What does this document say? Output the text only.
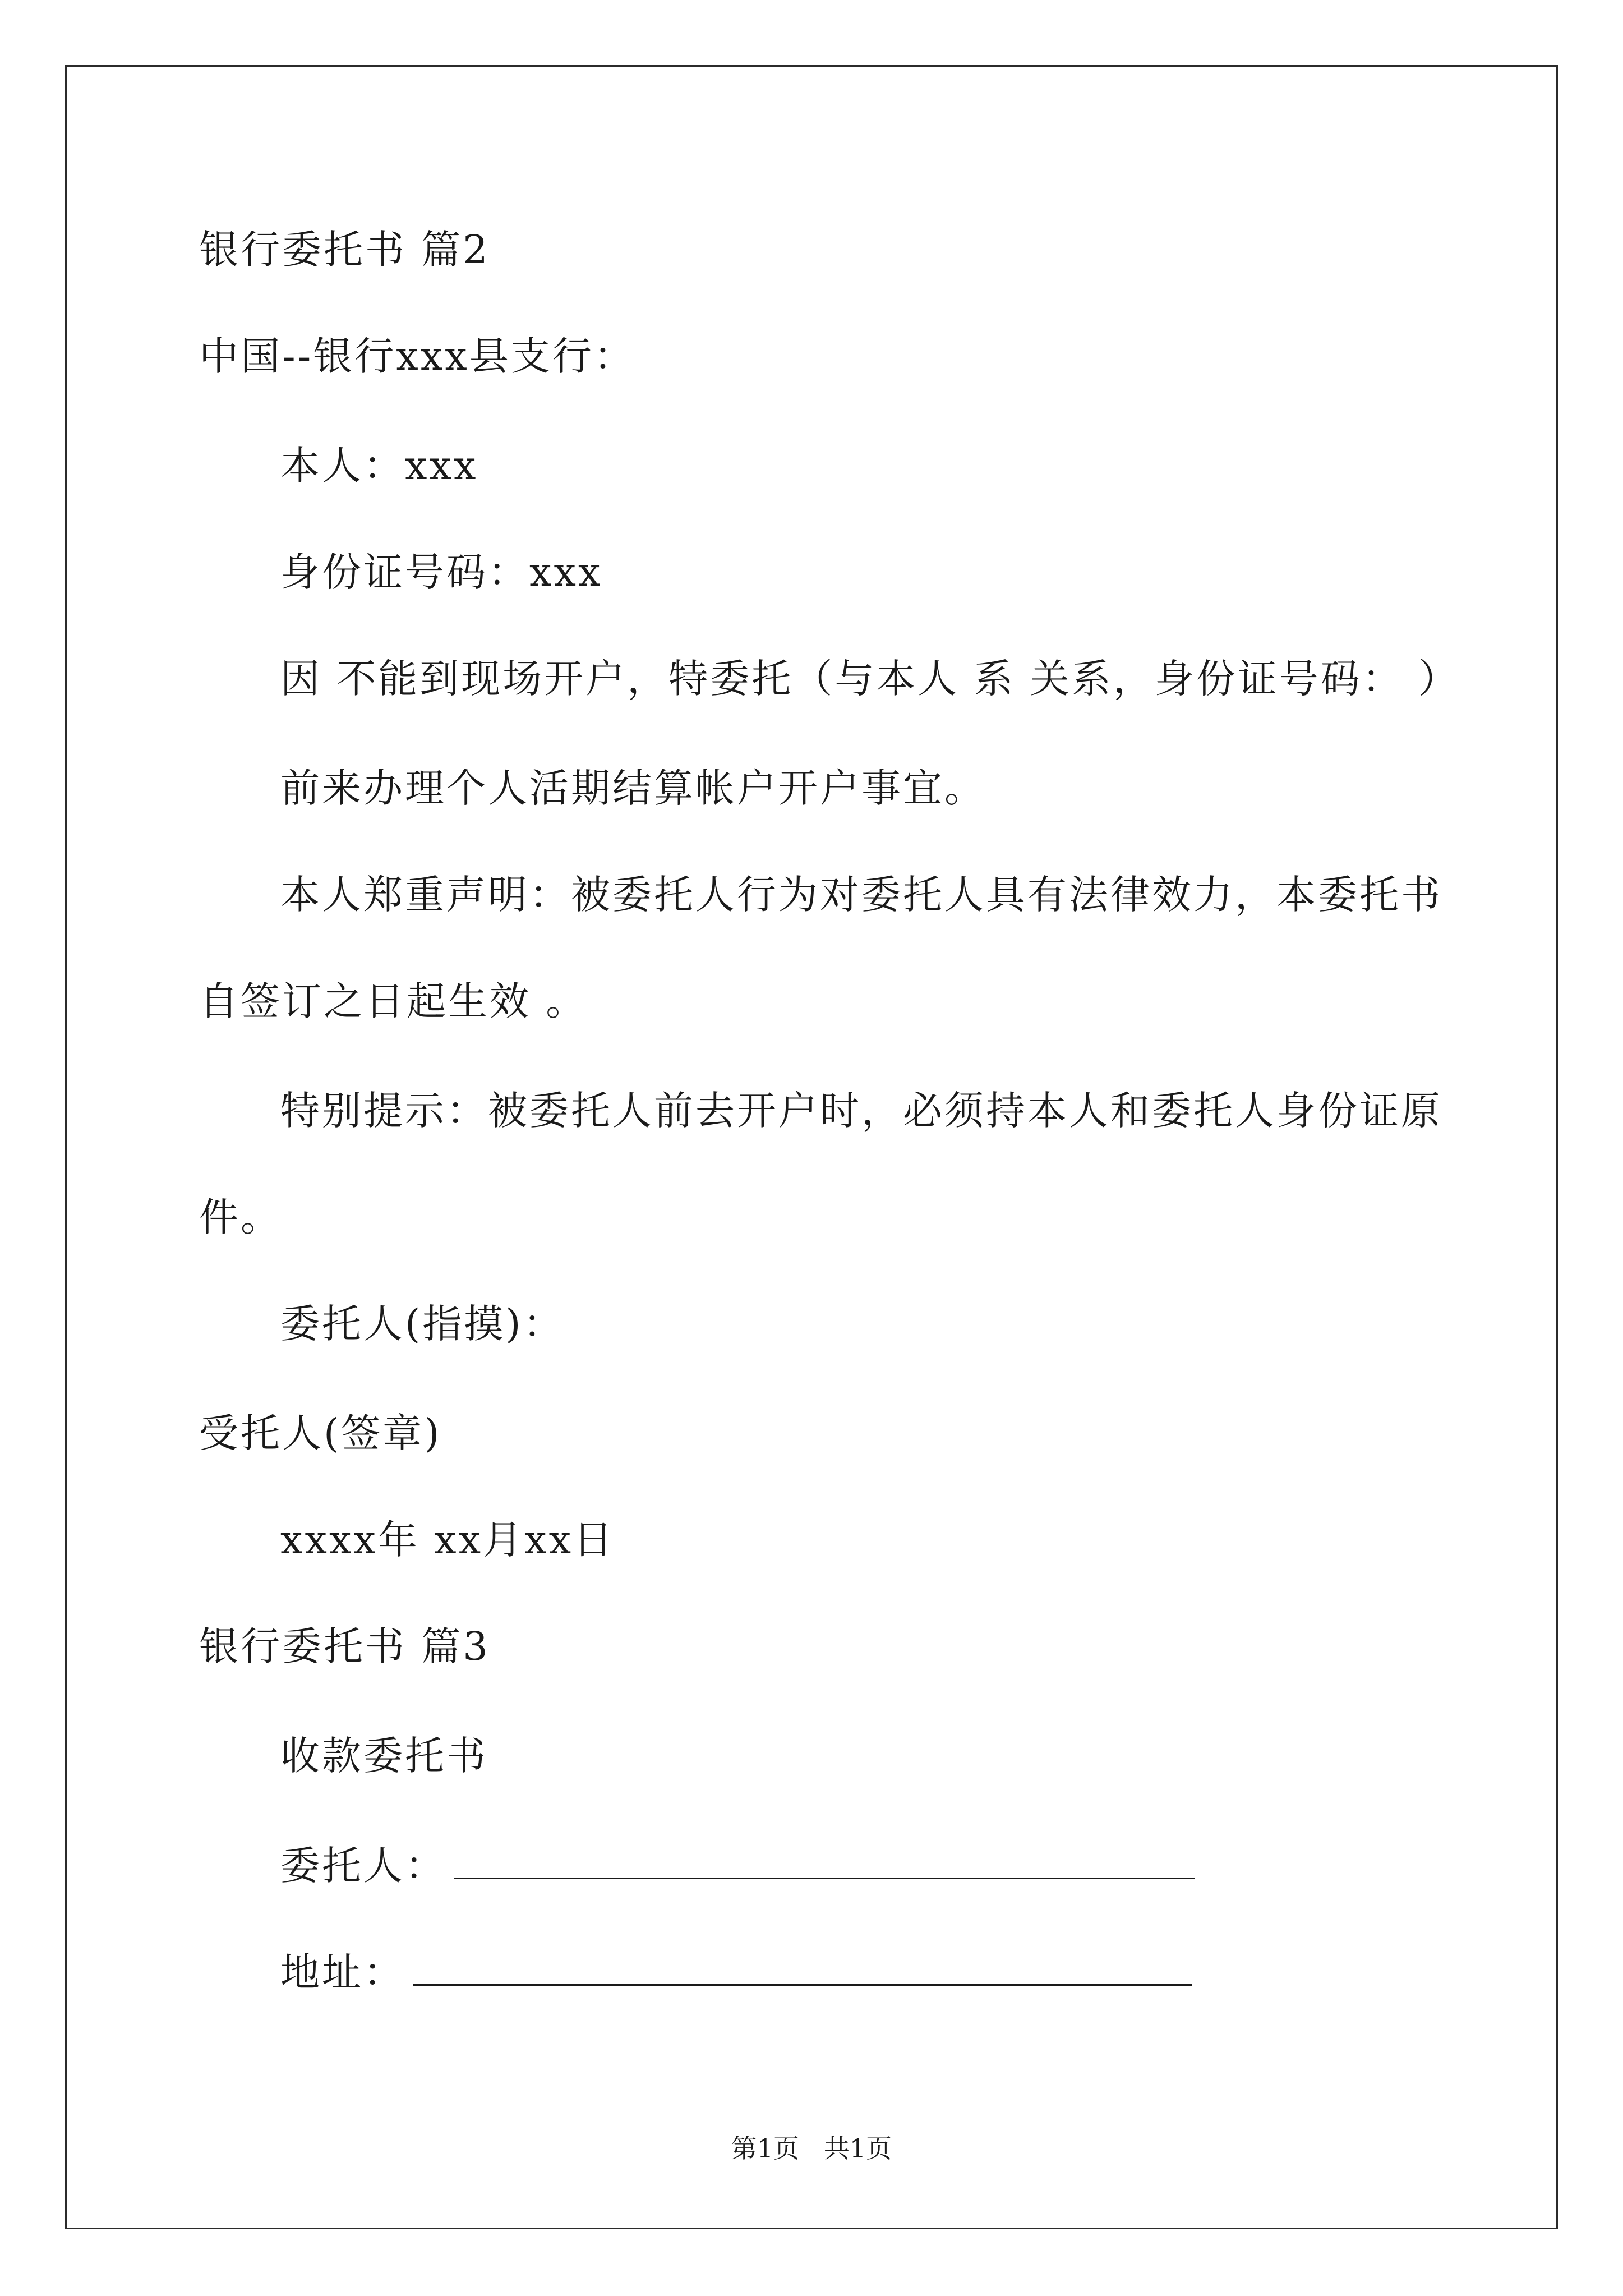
银行委托书 篇2
中国--银行xxx县支行：
本人：xxx
身份证号码：xxx
因 不能到现场开户，特委托（与本人 系 关系，身份证号码： ）
前来办理个人活期结算帐户开户事宜。
本人郑重声明：被委托人行为对委托人具有法律效力，本委托书
自签订之日起生效 。
特别提示：被委托人前去开户时，必须持本人和委托人身份证原
件。
委托人(指摸)：
受托人(签章)
xxxx年 xx月xx日
银行委托书 篇3
收款委托书
委托人：
地址：
第1页   共1页
